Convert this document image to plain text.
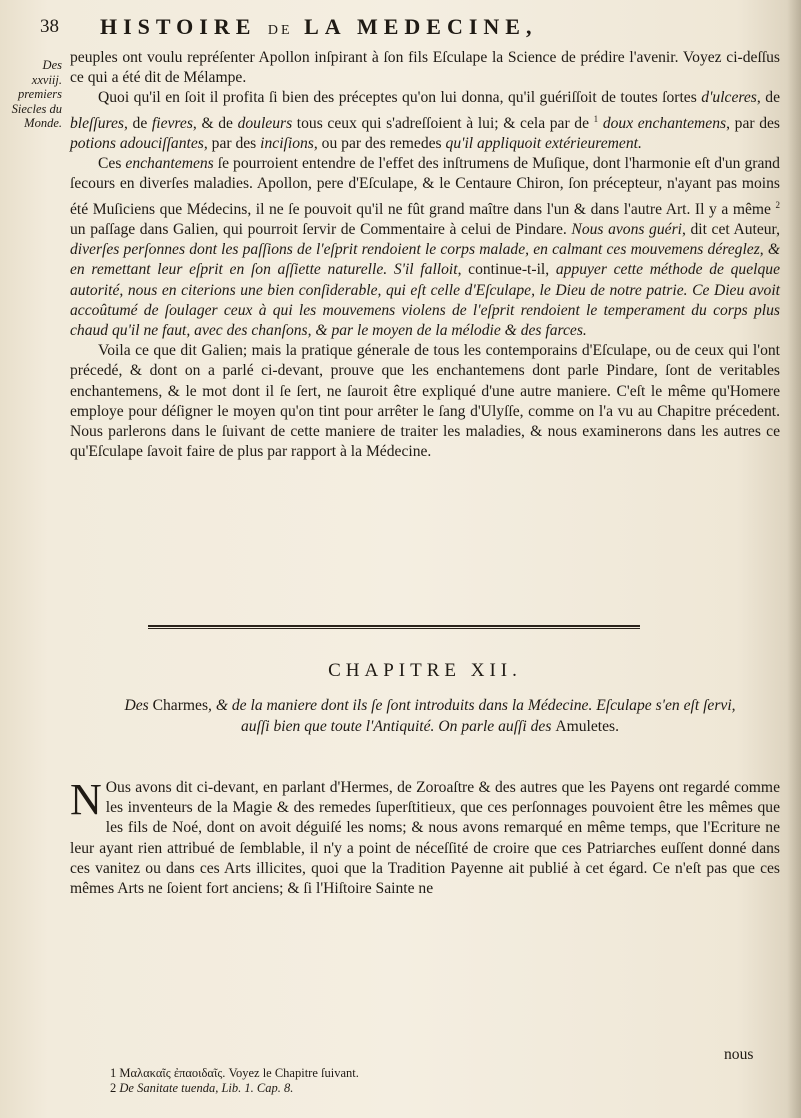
38 HISTOIRE DE LA MEDECINE,
Des
xxviij.
premiers
Siecles du
Monde.

peuples ont voulu repréſenter Apollon inſpirant à ſon fils Eſculape la Science de prédire l'avenir. Voyez ci-deſſus ce qui a été dit de Mélampe.

Quoi qu'il en ſoit il profita ſi bien des préceptes qu'on lui donna, qu'il guériſſoit de toutes ſortes d'ulceres, de bleſſures, de fievres, & de douleurs tous ceux qui s'adreſſoient à lui; & cela par de $^1$ doux enchantemens, par des potions adouciſſantes, par des inciſions, ou par des remedes qu'il appliquoit extérieurement.

Ces enchantemens ſe pourroient entendre de l'effet des inſtrumens de Muſique, dont l'harmonie eſt d'un grand ſecours en diverſes maladies. Apollon, pere d'Eſculape, & le Centaure Chiron, ſon précepteur, n'ayant pas moins été Muſiciens que Médecins, il ne ſe pouvoit qu'il ne fût grand maître dans l'un & dans l'autre Art. Il y a même $^2$ un paſſage dans Galien, qui pourroit ſervir de Commentaire à celui de Pindare. Nous avons guéri, dit cet Auteur, diverſes perſonnes dont les paſſions de l'eſprit rendoient le corps malade, en calmant ces mouvemens déreglez, & en remettant leur eſprit en ſon aſſiette naturelle. S'il falloit, continue-t-il, appuyer cette méthode de quelque autorité, nous en citerions une bien conſiderable, qui eſt celle d'Eſculape, le Dieu de notre patrie. Ce Dieu avoit accoûtumé de ſoulager ceux à qui les mouvemens violens de l'eſprit rendoient le temperament du corps plus chaud qu'il ne faut, avec des chanſons, & par le moyen de la mélodie & des farces.

Voila ce que dit Galien; mais la pratique génerale de tous les contemporains d'Eſculape, ou de ceux qui l'ont précedé, & dont on a parlé ci-devant, prouve que les enchantemens dont parle Pindare, ſont de veritables enchantemens, & le mot dont il ſe ſert, ne ſauroit être expliqué d'une autre maniere. C'eſt le même qu'Homere employe pour déſigner le moyen qu'on tint pour arrêter le ſang d'Ulyſſe, comme on l'a vu au Chapitre précedent. Nous parlerons dans le ſuivant de cette maniere de traiter les maladies, & nous examinerons dans les autres ce qu'Eſculape ſavoit faire de plus par rapport à la Médecine.

CHAPITRE XII.
Des Charmes, & de la maniere dont ils ſe ſont introduits dans la Médecine. Eſculape s'en eſt ſervi, auſſi bien que toute l'Antiquité. On parle auſſi des Amuletes.

N Ous avons dit ci-devant, en parlant d'Hermes, de Zoroaſtre & des autres que les Payens ont regardé comme les inventeurs de la Magie & des remedes ſuperſtitieux, que ces perſonnages pouvoient être les mêmes que les fils de Noé, dont on avoit déguiſé les noms; & nous avons remarqué en même temps, que l'Ecriture ne leur ayant rien attribué de ſemblable, il n'y a point de néceſſité de croire que ces Patriarches euſſent donné dans ces vanitez ou dans ces Arts illicites, quoi que la Tradition Payenne ait publié à cet égard. Ce n'eſt pas que ces mêmes Arts ne ſoient fort anciens; & ſi l'Hiſtoire Sainte ne

nous
1 Μαλακαῖς ἐπαοιδαῖς. Voyez le Chapitre ſuivant.
2 De Sanitate tuenda, Lib. 1. Cap. 8.
